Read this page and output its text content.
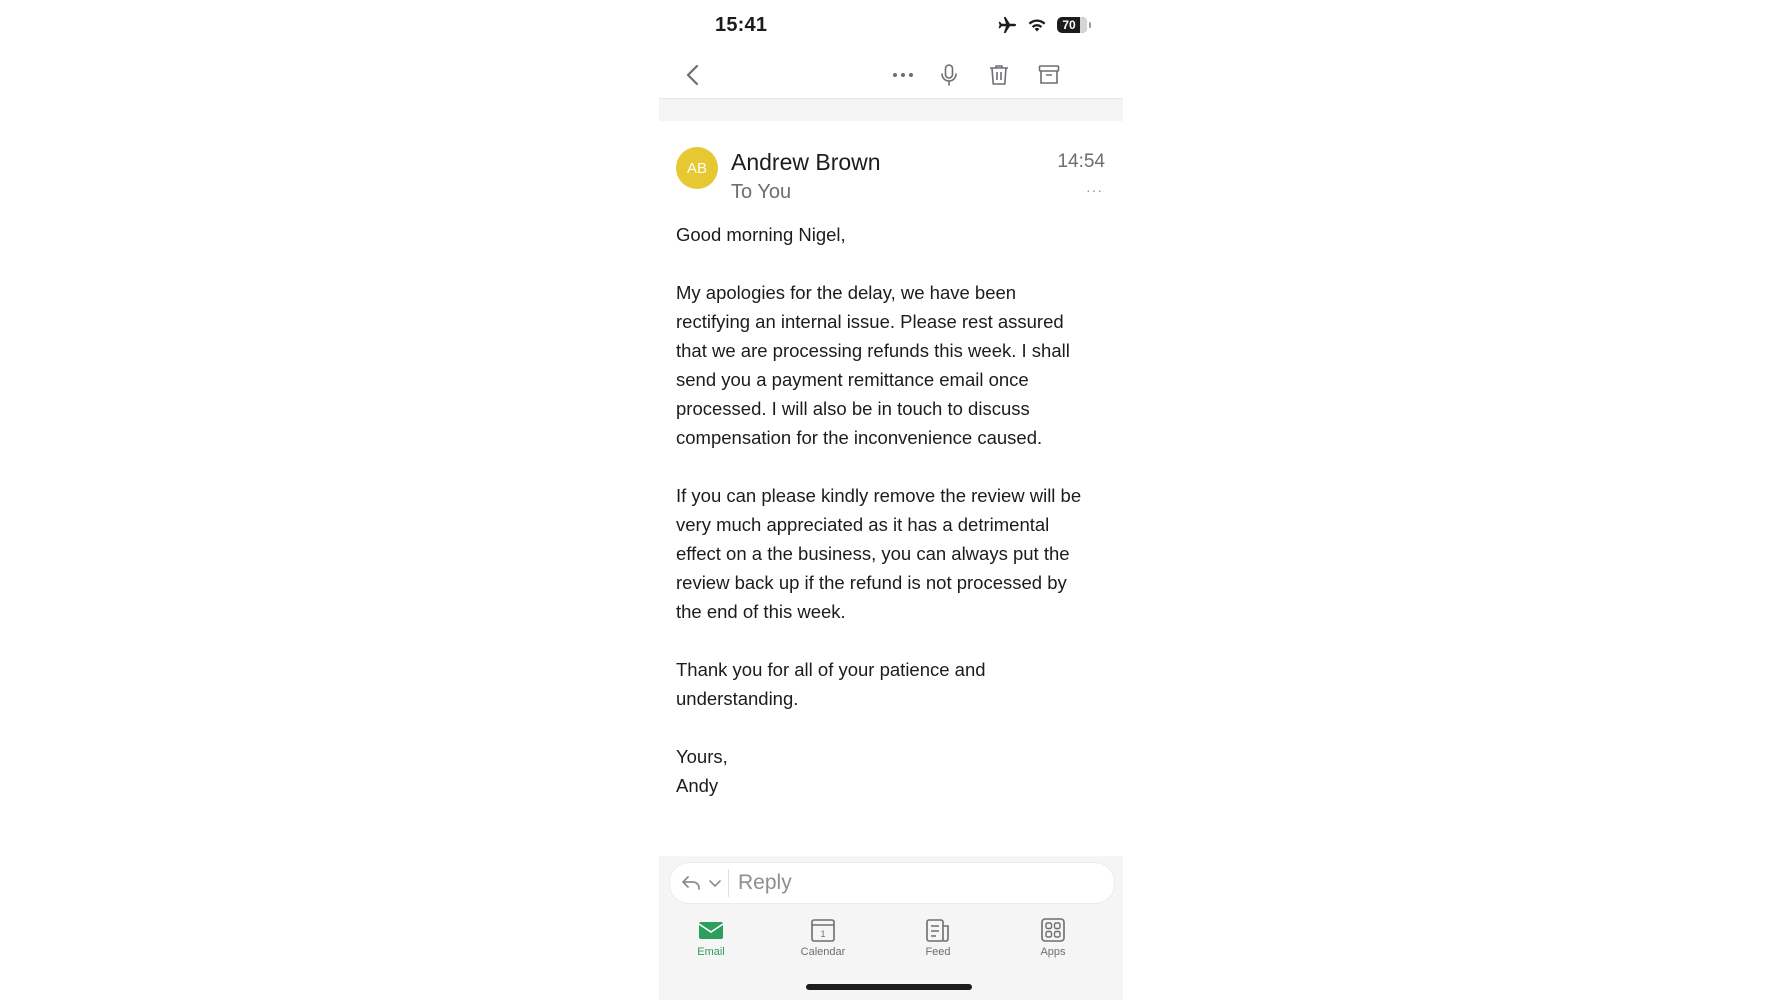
15:41	70
AB	Andrew Brown
To You
14:54
···

Good morning Nigel,

My apologies for the delay, we have been
rectifying an internal issue. Please rest assured
that we are processing refunds this week. I shall
send you a payment remittance email once
processed. I will also be in touch to discuss
compensation for the inconvenience caused.

If you can please kindly remove the review will be
very much appreciated as it has a detrimental
effect on a the business, you can always put the
review back up if the refund is not processed by
the end of this week.

Thank you for all of your patience and
understanding.

Yours,

Andy

Reply
Email
1
Calendar	Feed	Apps
